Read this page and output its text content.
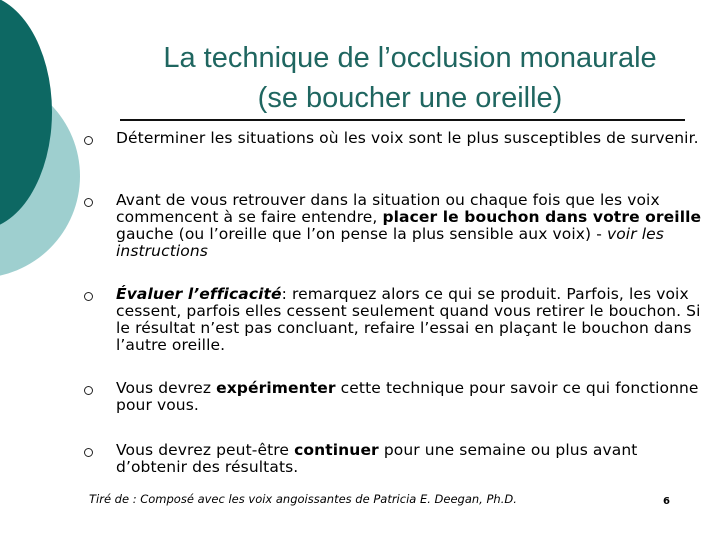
La technique de l’occlusion monaurale
(se boucher une oreille)
Déterminer les situations où les voix sont le plus susceptibles de survenir.
Avant de vous retrouver dans la situation ou chaque fois que les voix commencent à se faire entendre, placer le bouchon dans votre oreille gauche (ou l’oreille que l’on pense la plus sensible aux voix) - voir les instructions
Évaluer l’efficacité: remarquez alors ce qui se produit. Parfois, les voix cessent, parfois elles cessent seulement quand vous retirer le bouchon. Si le résultat n’est pas concluant, refaire l’essai en plaçant le bouchon dans l’autre oreille.
Vous devrez expérimenter cette technique pour savoir ce qui fonctionne pour vous.
Vous devrez peut-être continuer pour une semaine ou plus avant d’obtenir des résultats.
Tiré de : Composé avec les voix angoissantes de Patricia E. Deegan, Ph.D.	6
